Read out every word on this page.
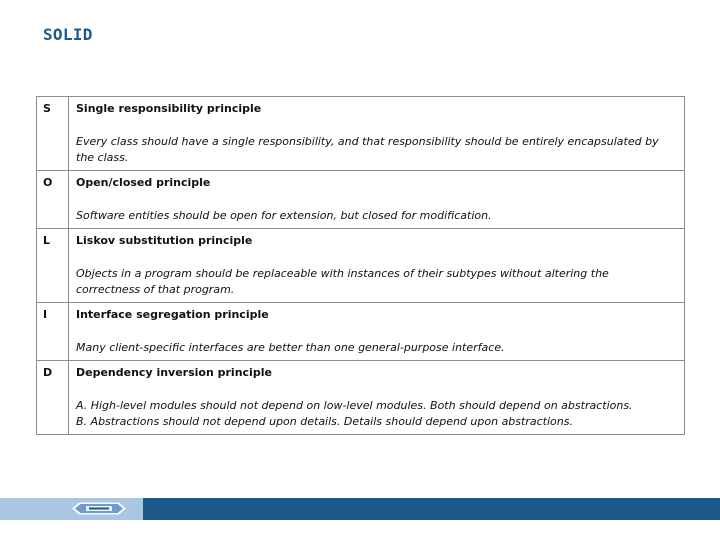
SOLID
S	Single responsibility principle
Every class should have a single responsibility, and that responsibility should be entirely encapsulated by the class.

O	Open/closed principle
Software entities should be open for extension, but closed for modification.

L	Liskov substitution principle
Objects in a program should be replaceable with instances of their subtypes without altering the correctness of that program.

I	Interface segregation principle
Many client-specific interfaces are better than one general-purpose interface.

D	Dependency inversion principle
A. High-level modules should not depend on low-level modules. Both should depend on abstractions.
B. Abstractions should not depend upon details. Details should depend upon abstractions.
